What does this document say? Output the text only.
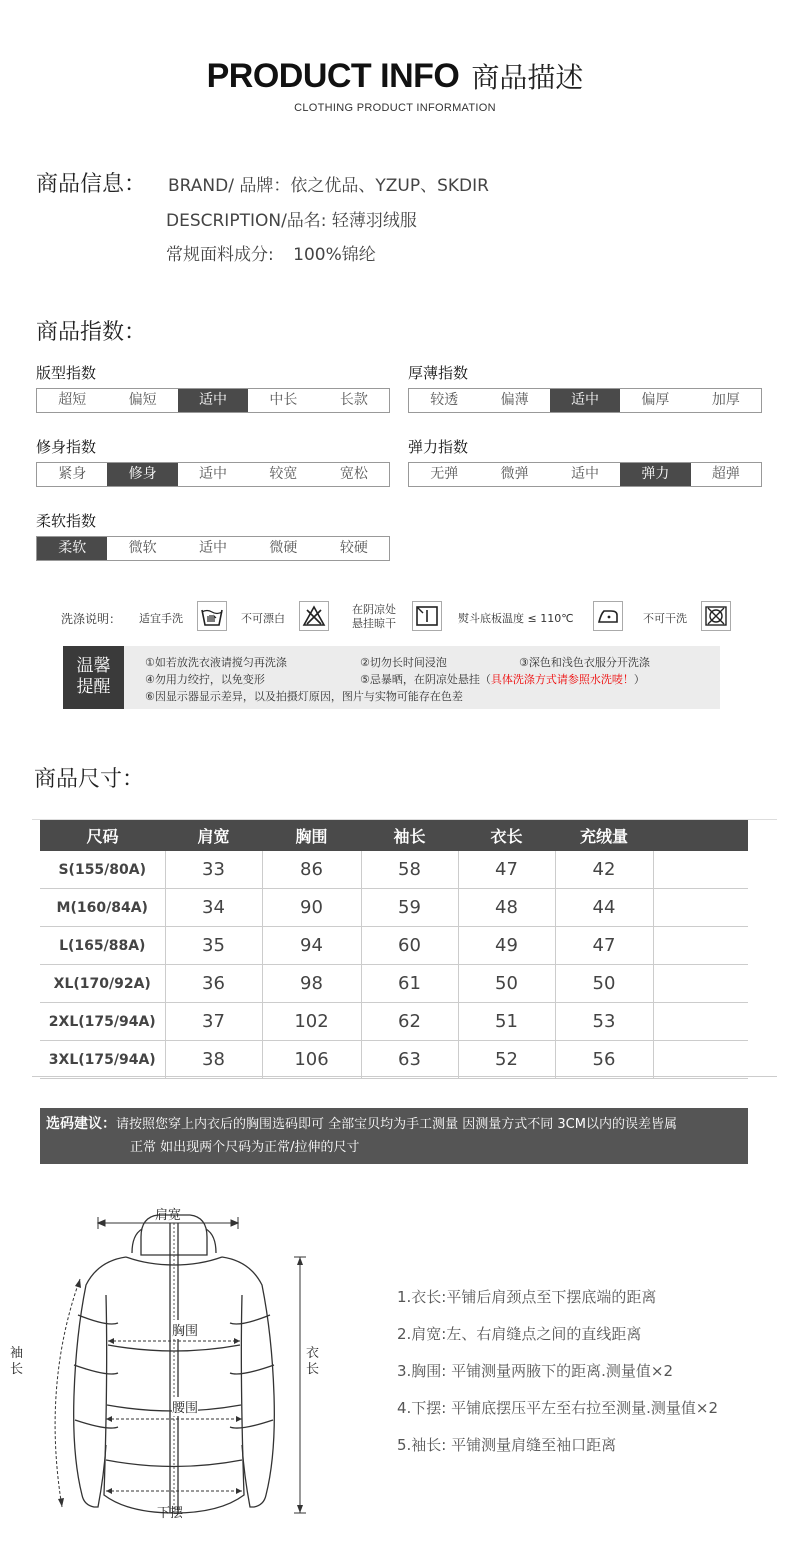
PRODUCT INFO 商品描述
CLOTHING PRODUCT INFORMATION
商品信息： BRAND/ 品牌：依之优品、YZUP、SKDIR
DESCRIPTION/品名: 轻薄羽绒服
常规面料成分: 100%锦纶
商品指数：
版型指数
超短	偏短	适中	中长	长款
厚薄指数
较透	偏薄	适中	偏厚	加厚
修身指数
紧身	修身	适中	较宽	宽松
弹力指数
无弹	微弹	适中	弹力	超弹
柔软指数
柔软	微软	适中	微硬	较硬
洗涤说明： 适宜手洗	不可漂白
在阴凉处
悬挂晾干	熨斗底板温度 ≤ 110℃	不可干洗
温馨
提醒
①如若放洗衣液请搅匀再洗涤	②切勿长时间浸泡	③深色和浅色衣服分开洗涤
④勿用力绞拧，以免变形	⑤忌暴晒，在阴凉处悬挂（具体洗涤方式请参照水洗唛！）
⑥因显示器显示差异，以及拍摄灯原因，图片与实物可能存在色差
商品尺寸：
尺码	肩宽	胸围	袖长	衣长	充绒量	
S(155/80A)	33	86	58	47	42	
M(160/84A)	34	90	59	48	44	
L(165/88A)	35	94	60	49	47	
XL(170/92A)	36	98	61	50	50	
2XL(175/94A)	37	102	62	51	53	
3XL(175/94A)	38	106	63	52	56	
选码建议：请按照您穿上内衣后的胸围选码即可 全部宝贝均为手工测量 因测量方式不同 3CM以内的误差皆属
正常 如出现两个尺码为正常/拉伸的尺寸
肩宽
胸围
腰围
下摆
袖长
衣长
1.衣长:平铺后肩颈点至下摆底端的距离
2.肩宽:左、右肩缝点之间的直线距离
3.胸围: 平铺测量两腋下的距离.测量值×2
4.下摆: 平铺底摆压平左至右拉至测量.测量值×2
5.袖长: 平铺测量肩缝至袖口距离
